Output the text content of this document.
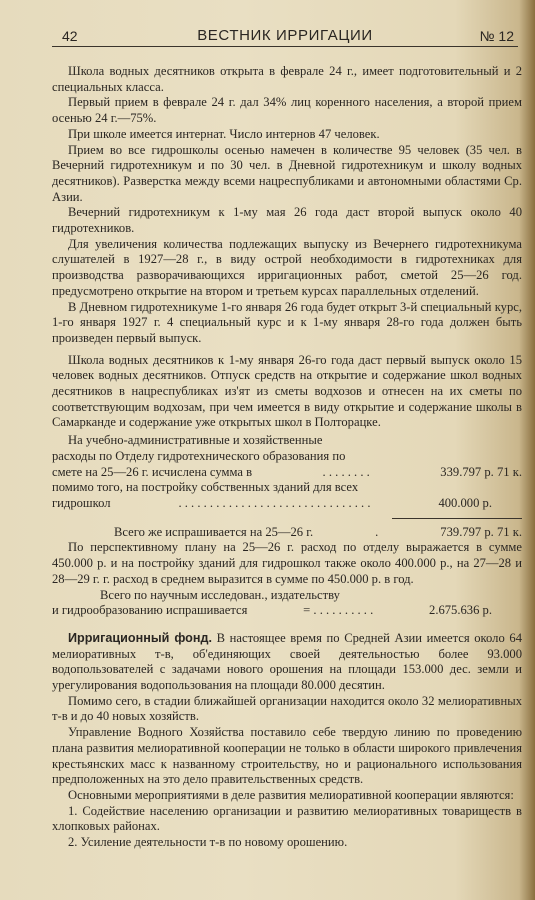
42	ВЕСТНИК ИРРИГАЦИИ	№ 12

Школа водных десятников открыта в феврале 24 г., имеет подготовительный и 2 специальных класса.

Первый прием в феврале 24 г. дал 34% лиц коренного населения, а второй прием осенью 24 г.—75%.

При школе имеется интернат. Число интернов 47 человек.

Прием во все гидрошколы осенью намечен в количестве 95 человек (35 чел. в Вечерний гидротехникум и по 30 чел. в Дневной гидротехникум и школу водных десятников). Разверстка между всеми нацреспубликами и автономными областями Ср. Азии.

Вечерний гидротехникум к 1-му мая 26 года даст второй выпуск около 40 гидротехников.

Для увеличения количества подлежащих выпуску из Вечернего гидротехникума слушателей в 1927—28 г., в виду острой необходимости в гидротехниках для производства разворачивающихся ирригационных работ, сметой 25—26 год. предусмотрено открытие на втором и третьем курсах параллельных отделений.

В Дневном гидротехникуме 1-го января 26 года будет открыт 3-й специальный курс, 1-го января 1927 г. 4 специальный курс и к 1-му января 28-го года должен быть произведен первый выпуск.

Школа водных десятников к 1-му января 26-го года даст первый выпуск около 15 человек водных десятников. Отпуск средств на открытие и содержание школ водных десятников в нацреспубликах из'ят из сметы водхозов и отнесен на их сметы по соответствующим водхозам, при чем имеется в виду открытие и содержание школы в Самарканде и содержание уже открытых школ в Полторацке.

На учебно-административные и хозяйственные
расходы по Отделу гидротехнического образования по
смете на 25—26 г. исчислена сумма в	. . . . . . . .	339.797 р. 71 к.
помимо того, на постройку собственных зданий для всех
гидрошкол	. . . . . . . . . . . . . . . . . . . . . . . . . . . . . . .	400.000 р.
Всего же испрашивается на 25—26 г.	.	739.797 р. 71 к.

По перспективному плану на 25—26 г. расход по отделу выражается в сумме 450.000 р. и на постройку зданий для гидрошкол также около 400.000 р., на 27—28 и 28—29 г. г. расход в среднем выразится в сумме по 450.000 р. в год.

Всего по научным исследован., издательству
и гидрообразованию испрашивается	= . . . . . . . . . .	2.675.636 р.

Ирригационный фонд. В настоящее время по Средней Азии имеется около 64 мелиоративных т-в, об'единяющих своей деятельностью более 93.000 водопользователей с задачами нового орошения на площади 153.000 дес. земли и урегулирования водопользования на площади 80.000 десятин.

Помимо сего, в стадии ближайшей организации находится около 32 мелиоративных т-в и до 40 новых хозяйств.

Управление Водного Хозяйства поставило себе твердую линию по проведению плана развития мелиоративной кооперации не только в области широкого привлечения крестьянских масс к названному строительству, но и рационального использования предположенных на это дело правительственных средств.

Основными мероприятиями в деле развития мелиоративной кооперации являются:

1. Содействие населению организации и развитию мелиоративных товариществ в хлопковых районах.

2. Усиление деятельности т-в по новому орошению.
